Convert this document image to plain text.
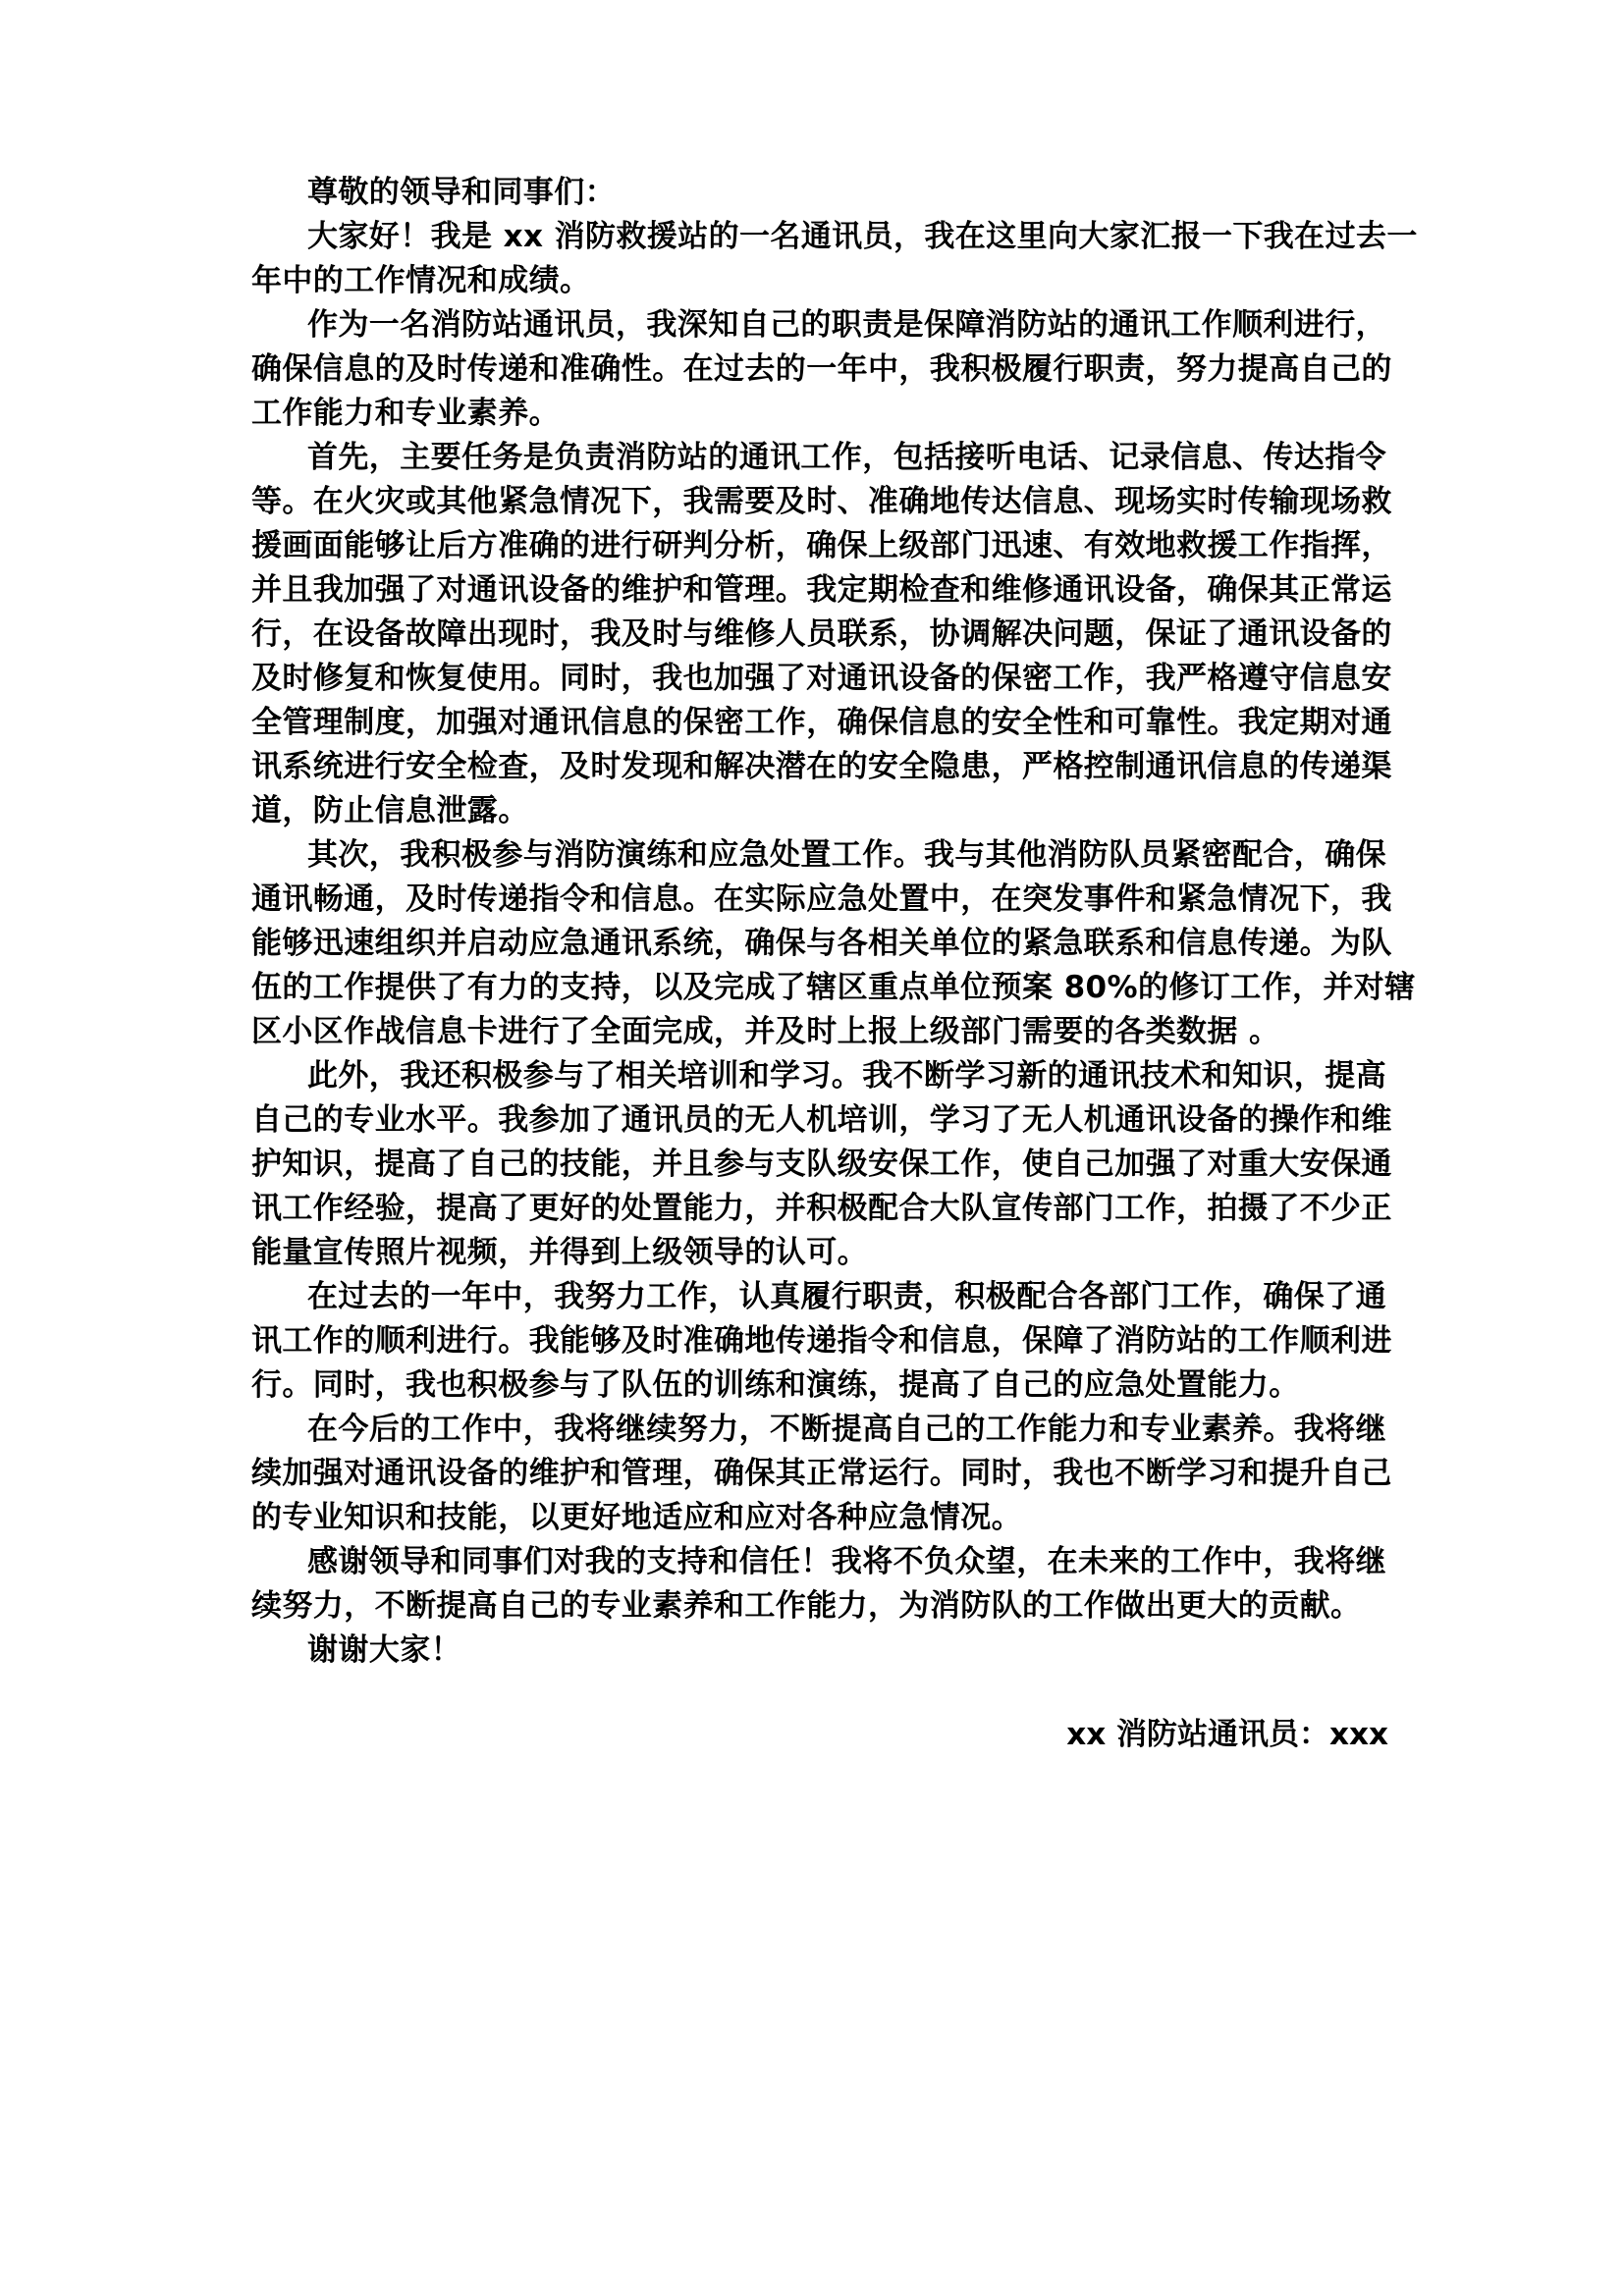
尊敬的领导和同事们：
大家好！我是 xx 消防救援站的一名通讯员，我在这里向大家汇报一下我在过去一
年中的工作情况和成绩。
作为一名消防站通讯员，我深知自己的职责是保障消防站的通讯工作顺利进行，
确保信息的及时传递和准确性。在过去的一年中，我积极履行职责，努力提高自己的
工作能力和专业素养。
首先，主要任务是负责消防站的通讯工作，包括接听电话、记录信息、传达指令
等。在火灾或其他紧急情况下，我需要及时、准确地传达信息、现场实时传输现场救
援画面能够让后方准确的进行研判分析，确保上级部门迅速、有效地救援工作指挥，
并且我加强了对通讯设备的维护和管理。我定期检查和维修通讯设备，确保其正常运
行，在设备故障出现时，我及时与维修人员联系，协调解决问题，保证了通讯设备的
及时修复和恢复使用。同时，我也加强了对通讯设备的保密工作，我严格遵守信息安
全管理制度，加强对通讯信息的保密工作，确保信息的安全性和可靠性。我定期对通
讯系统进行安全检查，及时发现和解决潜在的安全隐患，严格控制通讯信息的传递渠
道，防止信息泄露。
其次，我积极参与消防演练和应急处置工作。我与其他消防队员紧密配合，确保
通讯畅通，及时传递指令和信息。在实际应急处置中，在突发事件和紧急情况下，我
能够迅速组织并启动应急通讯系统，确保与各相关单位的紧急联系和信息传递。为队
伍的工作提供了有力的支持，以及完成了辖区重点单位预案 80%的修订工作，并对辖
区小区作战信息卡进行了全面完成，并及时上报上级部门需要的各类数据 。
此外，我还积极参与了相关培训和学习。我不断学习新的通讯技术和知识，提高
自己的专业水平。我参加了通讯员的无人机培训，学习了无人机通讯设备的操作和维
护知识，提高了自己的技能，并且参与支队级安保工作，使自己加强了对重大安保通
讯工作经验，提高了更好的处置能力，并积极配合大队宣传部门工作，拍摄了不少正
能量宣传照片视频，并得到上级领导的认可。
在过去的一年中，我努力工作，认真履行职责，积极配合各部门工作，确保了通
讯工作的顺利进行。我能够及时准确地传递指令和信息，保障了消防站的工作顺利进
行。同时，我也积极参与了队伍的训练和演练，提高了自己的应急处置能力。
在今后的工作中，我将继续努力，不断提高自己的工作能力和专业素养。我将继
续加强对通讯设备的维护和管理，确保其正常运行。同时，我也不断学习和提升自己
的专业知识和技能，以更好地适应和应对各种应急情况。
感谢领导和同事们对我的支持和信任！我将不负众望，在未来的工作中，我将继
续努力，不断提高自己的专业素养和工作能力，为消防队的工作做出更大的贡献。
谢谢大家！
xx 消防站通讯员：xxx
